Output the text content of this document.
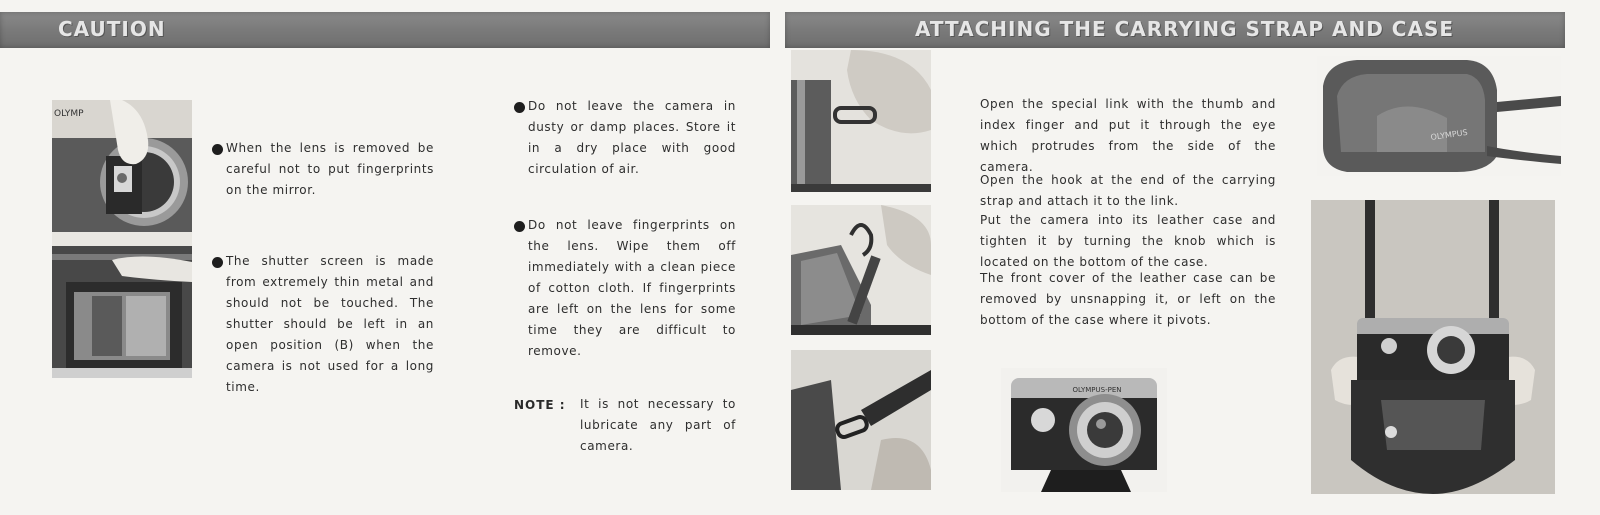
CAUTION
OLYMP
When the lens is removed be careful not to put fingerprints on the mirror.
The shutter screen is made from extremely thin metal and should not be touched. The shutter should be left in an open position (B) when the camera is not used for a long time.
Do not leave the camera in dusty or damp places. Store it in a dry place with good circulation of air.
Do not leave fingerprints on the lens. Wipe them off immediately with a clean piece of cotton cloth. If fingerprints are left on the lens for some time they are difficult to remove.
NOTE : It is not necessary to lubricate any part of camera.
ATTACHING THE CARRYING STRAP AND CASE
Open the special link with the thumb and index finger and put it through the eye which protrudes from the side of the camera.
Open the hook at the end of the carrying strap and attach it to the link.
Put the camera into its leather case and tighten it by turning the knob which is located on the bottom of the case.
The front cover of the leather case can be removed by unsnapping it, or left on the bottom of the case where it pivots.
OLYMPUS-PEN
OLYMPUS
